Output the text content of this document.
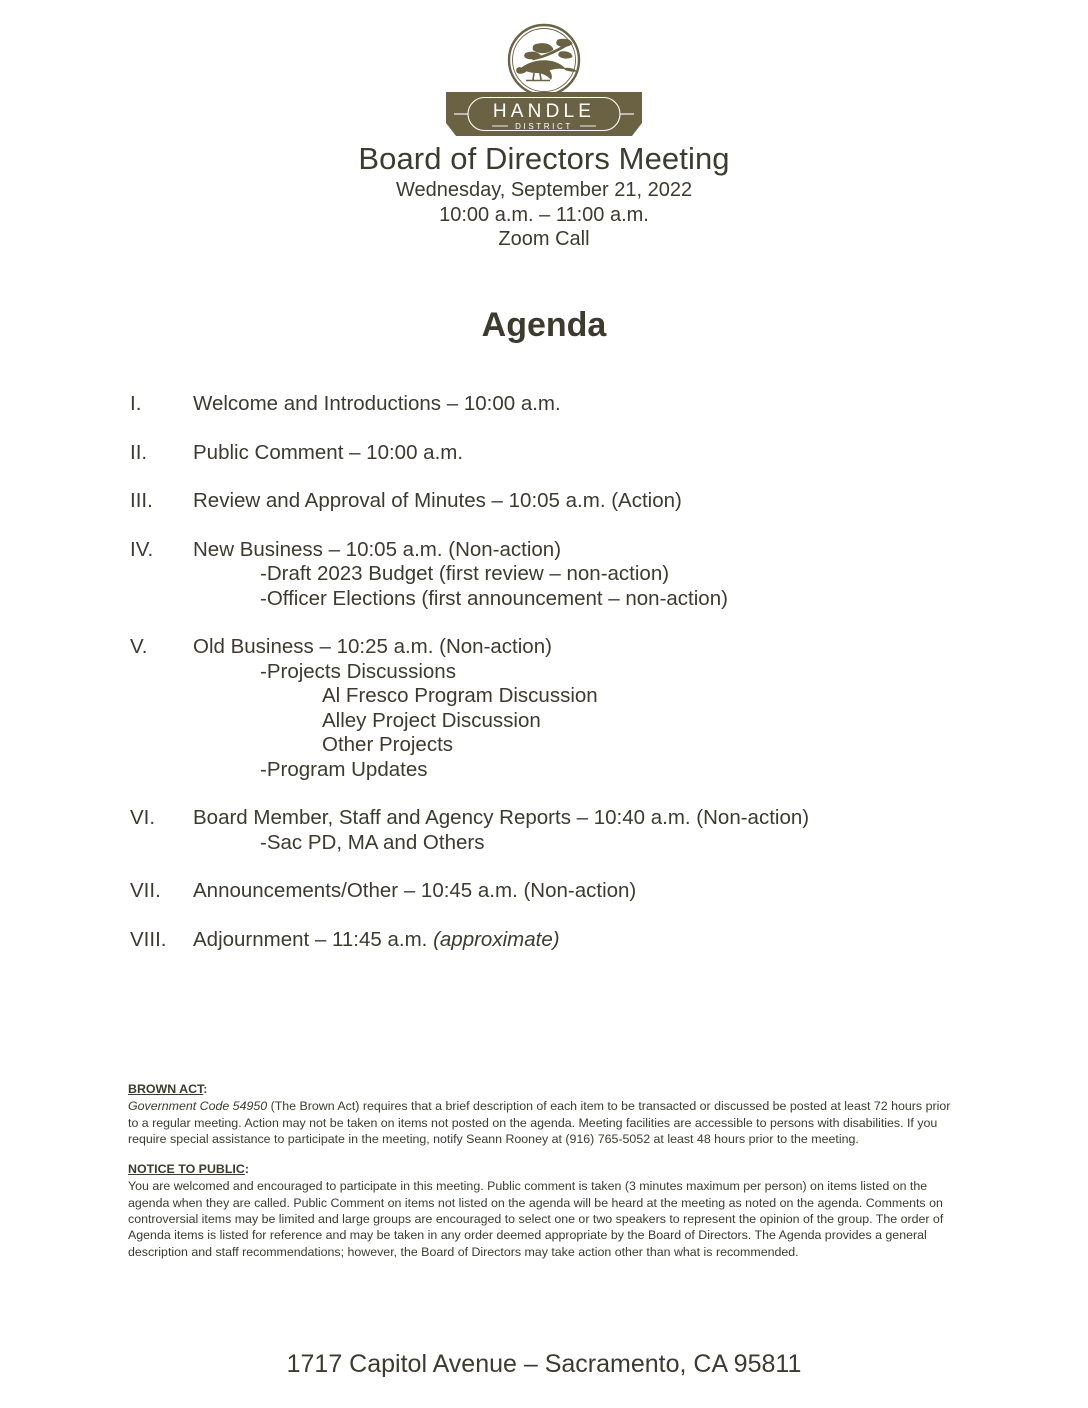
HANDLE
DISTRICT
Board of Directors Meeting

Wednesday, September 21, 2022

10:00 a.m. – 11:00 a.m.

Zoom Call

Agenda
I.	Welcome and Introductions – 10:00 a.m.
II.	Public Comment – 10:00 a.m.
III.	Review and Approval of Minutes – 10:05 a.m. (Action)
IV.	New Business – 10:05 a.m. (Non-action)
-Draft 2023 Budget (first review – non-action)
-Officer Elections (first announcement – non-action)
V.	Old Business – 10:25 a.m. (Non-action)
-Projects Discussions
Al Fresco Program Discussion
Alley Project Discussion
Other Projects
-Program Updates
VI.	Board Member, Staff and Agency Reports – 10:40 a.m. (Non-action)
-Sac PD, MA and Others
VII.	Announcements/Other – 10:45 a.m. (Non-action)
VIII.	Adjournment – 11:45 a.m. (approximate)

BROWN ACT:

Government Code 54950 (The Brown Act) requires that a brief description of each item to be transacted or discussed be posted at least 72 hours prior to a regular meeting. Action may not be taken on items not posted on the agenda. Meeting facilities are accessible to persons with disabilities. If you require special assistance to participate in the meeting, notify Seann Rooney at (916) 765-5052 at least 48 hours prior to the meeting.

NOTICE TO PUBLIC:

You are welcomed and encouraged to participate in this meeting. Public comment is taken (3 minutes maximum per person) on items listed on the agenda when they are called. Public Comment on items not listed on the agenda will be heard at the meeting as noted on the agenda. Comments on controversial items may be limited and large groups are encouraged to select one or two speakers to represent the opinion of the group. The order of Agenda items is listed for reference and may be taken in any order deemed appropriate by the Board of Directors. The Agenda provides a general description and staff recommendations; however, the Board of Directors may take action other than what is recommended.

1717 Capitol Avenue – Sacramento, CA 95811
